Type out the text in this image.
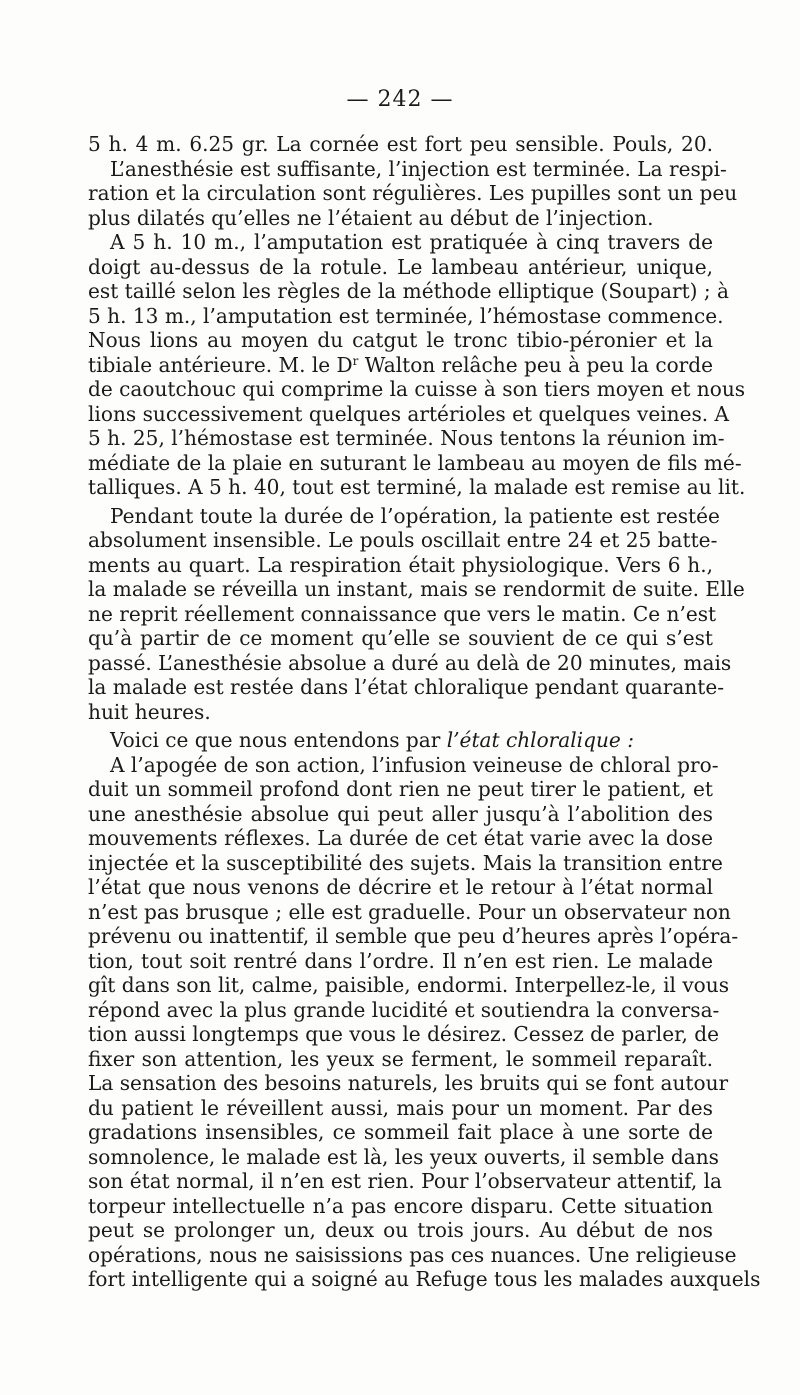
— 242 —

5 h. 4 m. 6.25 gr. La cornée est fort peu sensible. Pouls, 20.
L’anesthésie est suffisante, l’injection est terminée. La respi-
ration et la circulation sont régulières. Les pupilles sont un peu
plus dilatés qu’elles ne l’étaient au début de l’injection.

A 5 h. 10 m., l’amputation est pratiquée à cinq travers de
doigt au-dessus de la rotule. Le lambeau antérieur, unique,
est taillé selon les règles de la méthode elliptique (Soupart) ; à
5 h. 13 m., l’amputation est terminée, l’hémostase commence.
Nous lions au moyen du catgut le tronc tibio-péronier et la
tibiale antérieure. M. le $D^r$ Walton relâche peu à peu la corde
de caoutchouc qui comprime la cuisse à son tiers moyen et nous
lions successivement quelques artérioles et quelques veines. A
5 h. 25, l’hémostase est terminée. Nous tentons la réunion im-
médiate de la plaie en suturant le lambeau au moyen de fils mé-
talliques. A 5 h. 40, tout est terminé, la malade est remise au lit.

Pendant toute la durée de l’opération, la patiente est restée
absolument insensible. Le pouls oscillait entre 24 et 25 batte-
ments au quart. La respiration était physiologique. Vers 6 h.,
la malade se réveilla un instant, mais se rendormit de suite. Elle
ne reprit réellement connaissance que vers le matin. Ce n’est
qu’à partir de ce moment qu’elle se souvient de ce qui s’est
passé. L’anesthésie absolue a duré au delà de 20 minutes, mais
la malade est restée dans l’état chloralique pendant quarante-
huit heures.

Voici ce que nous entendons par l’état chloralique :

A l’apogée de son action, l’infusion veineuse de chloral pro-
duit un sommeil profond dont rien ne peut tirer le patient, et
une anesthésie absolue qui peut aller jusqu’à l’abolition des
mouvements réflexes. La durée de cet état varie avec la dose
injectée et la susceptibilité des sujets. Mais la transition entre
l’état que nous venons de décrire et le retour à l’état normal
n’est pas brusque ; elle est graduelle. Pour un observateur non
prévenu ou inattentif, il semble que peu d’heures après l’opéra-
tion, tout soit rentré dans l’ordre. Il n’en est rien. Le malade
gît dans son lit, calme, paisible, endormi. Interpellez-le, il vous
répond avec la plus grande lucidité et soutiendra la conversa-
tion aussi longtemps que vous le désirez. Cessez de parler, de
fixer son attention, les yeux se ferment, le sommeil reparaît.
La sensation des besoins naturels, les bruits qui se font autour
du patient le réveillent aussi, mais pour un moment. Par des
gradations insensibles, ce sommeil fait place à une sorte de
somnolence, le malade est là, les yeux ouverts, il semble dans
son état normal, il n’en est rien. Pour l’observateur attentif, la
torpeur intellectuelle n’a pas encore disparu. Cette situation
peut se prolonger un, deux ou trois jours. Au début de nos
opérations, nous ne saisissions pas ces nuances. Une religieuse
fort intelligente qui a soigné au Refuge tous les malades auxquels
